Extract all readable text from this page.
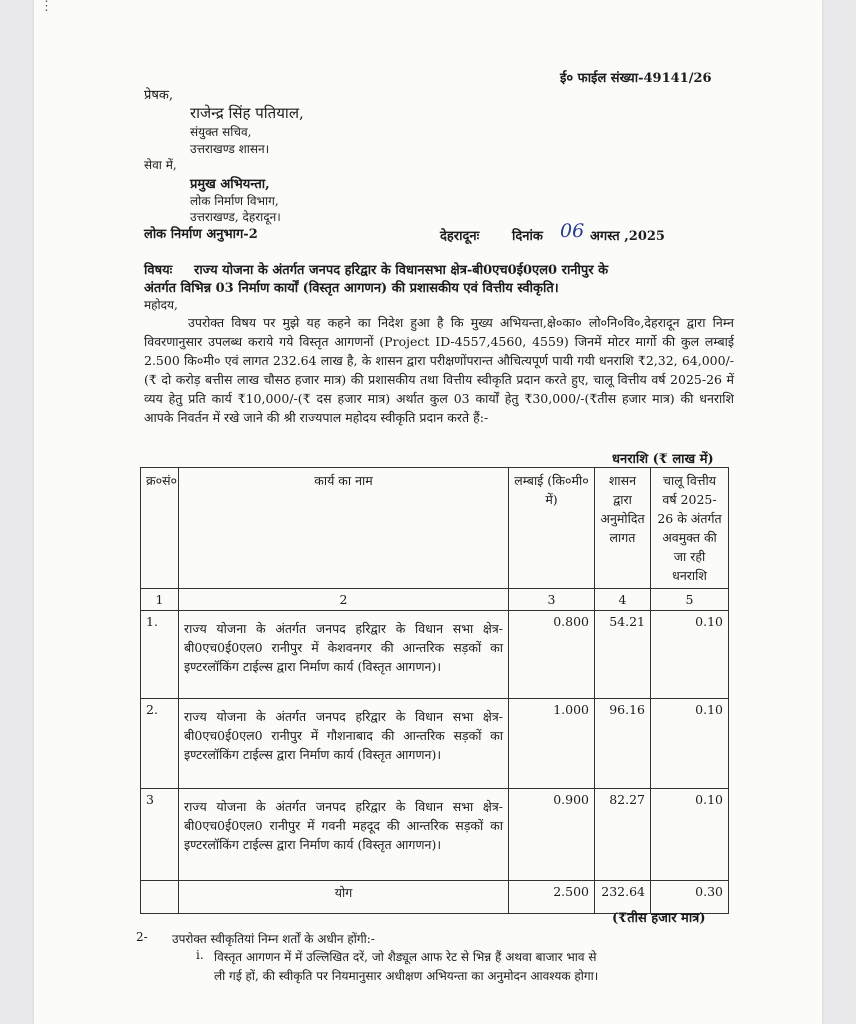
⋮
ई० फाईल संख्या-49141/26
प्रेषक,
राजेन्द्र सिंह पतियाल,
संयुक्त सचिव,
उत्तराखण्ड शासन।
सेवा में,
प्रमुख अभियन्ता,
लोक निर्माण विभाग,
उत्तराखण्ड, देहरादून।
लोक निर्माण अनुभाग-2	देहरादूनः	दिनांक 06 अगस्त ,2025
विषयः राज्य योजना के अंतर्गत जनपद हरिद्वार के विधानसभा क्षेत्र-बी0एच0ई0एल0 रानीपुर के
अंतर्गत विभिन्न 03 निर्माण कार्यों (विस्तृत आगणन) की प्रशासकीय एवं वित्तीय स्वीकृति।
महोदय,
उपरोक्त विषय पर मुझे यह कहने का निदेश हुआ है कि मुख्य अभियन्ता,क्षे०का० लो०नि०वि०,देहरादून द्वारा निम्न विवरणानुसार उपलब्ध कराये गये विस्तृत आगणनों (Project ID-4557,4560, 4559) जिनमें मोटर मार्गो की कुल लम्बाई 2.500 कि०मी० एवं लागत 232.64 लाख है, के शासन द्वारा परीक्षणोंपरान्त औचित्यपूर्ण पायी गयी धनराशि ₹2,32, 64,000/-(₹ दो करोड़ बत्तीस लाख चौसठ हजार मात्र) की प्रशासकीय तथा वित्तीय स्वीकृति प्रदान करते हुए, चालू वित्तीय वर्ष 2025-26 में व्यय हेतु प्रति कार्य ₹10,000/-(₹ दस हजार मात्र) अर्थात कुल 03 कार्यों हेतु ₹30,000/-(₹तीस हजार मात्र) की धनराशि आपके निवर्तन में रखे जाने की श्री राज्यपाल महोदय स्वीकृति प्रदान करते हैं:-
धनराशि (₹ लाख में)
क्र०सं०	कार्य का नाम	लम्बाई (कि०मी० में)	शासन द्वारा अनुमोदित लागत	चालू वित्तीय वर्ष 2025-26 के अंतर्गत अवमुक्त की जा रही धनराशि
1	2	3	4	5
1.	राज्य योजना के अंतर्गत जनपद हरिद्वार के विधान सभा क्षेत्र-बी0एच0ई0एल0 रानीपुर में केशवनगर की आन्तरिक सड़कों का इण्टरलॉकिंग टाईल्स द्वारा निर्माण कार्य (विस्तृत आगणन)।	0.800	54.21	0.10
2.	राज्य योजना के अंतर्गत जनपद हरिद्वार के विधान सभा क्षेत्र-बी0एच0ई0एल0 रानीपुर में गौशनाबाद की आन्तरिक सड़कों का इण्टरलॉकिंग टाईल्स द्वारा निर्माण कार्य (विस्तृत आगणन)।	1.000	96.16	0.10
3	राज्य योजना के अंतर्गत जनपद हरिद्वार के विधान सभा क्षेत्र-बी0एच0ई0एल0 रानीपुर में गवनी महदूद की आन्तरिक सड़कों का इण्टरलॉकिंग टाईल्स द्वारा निर्माण कार्य (विस्तृत आगणन)।	0.900	82.27	0.10
	योग	2.500	232.64	0.30
(₹तीस हजार मात्र)
2- उपरोक्त स्वीकृतियां निम्न शर्तों के अधीन होंगी:-
i. विस्तृत आगणन में में उल्लिखित दरें, जो शैड्यूल आफ रेट से भिन्न हैं अथवा बाजार भाव से
ली गई हों, की स्वीकृति पर नियमानुसार अधीक्षण अभियन्ता का अनुमोदन आवश्यक होगा।
